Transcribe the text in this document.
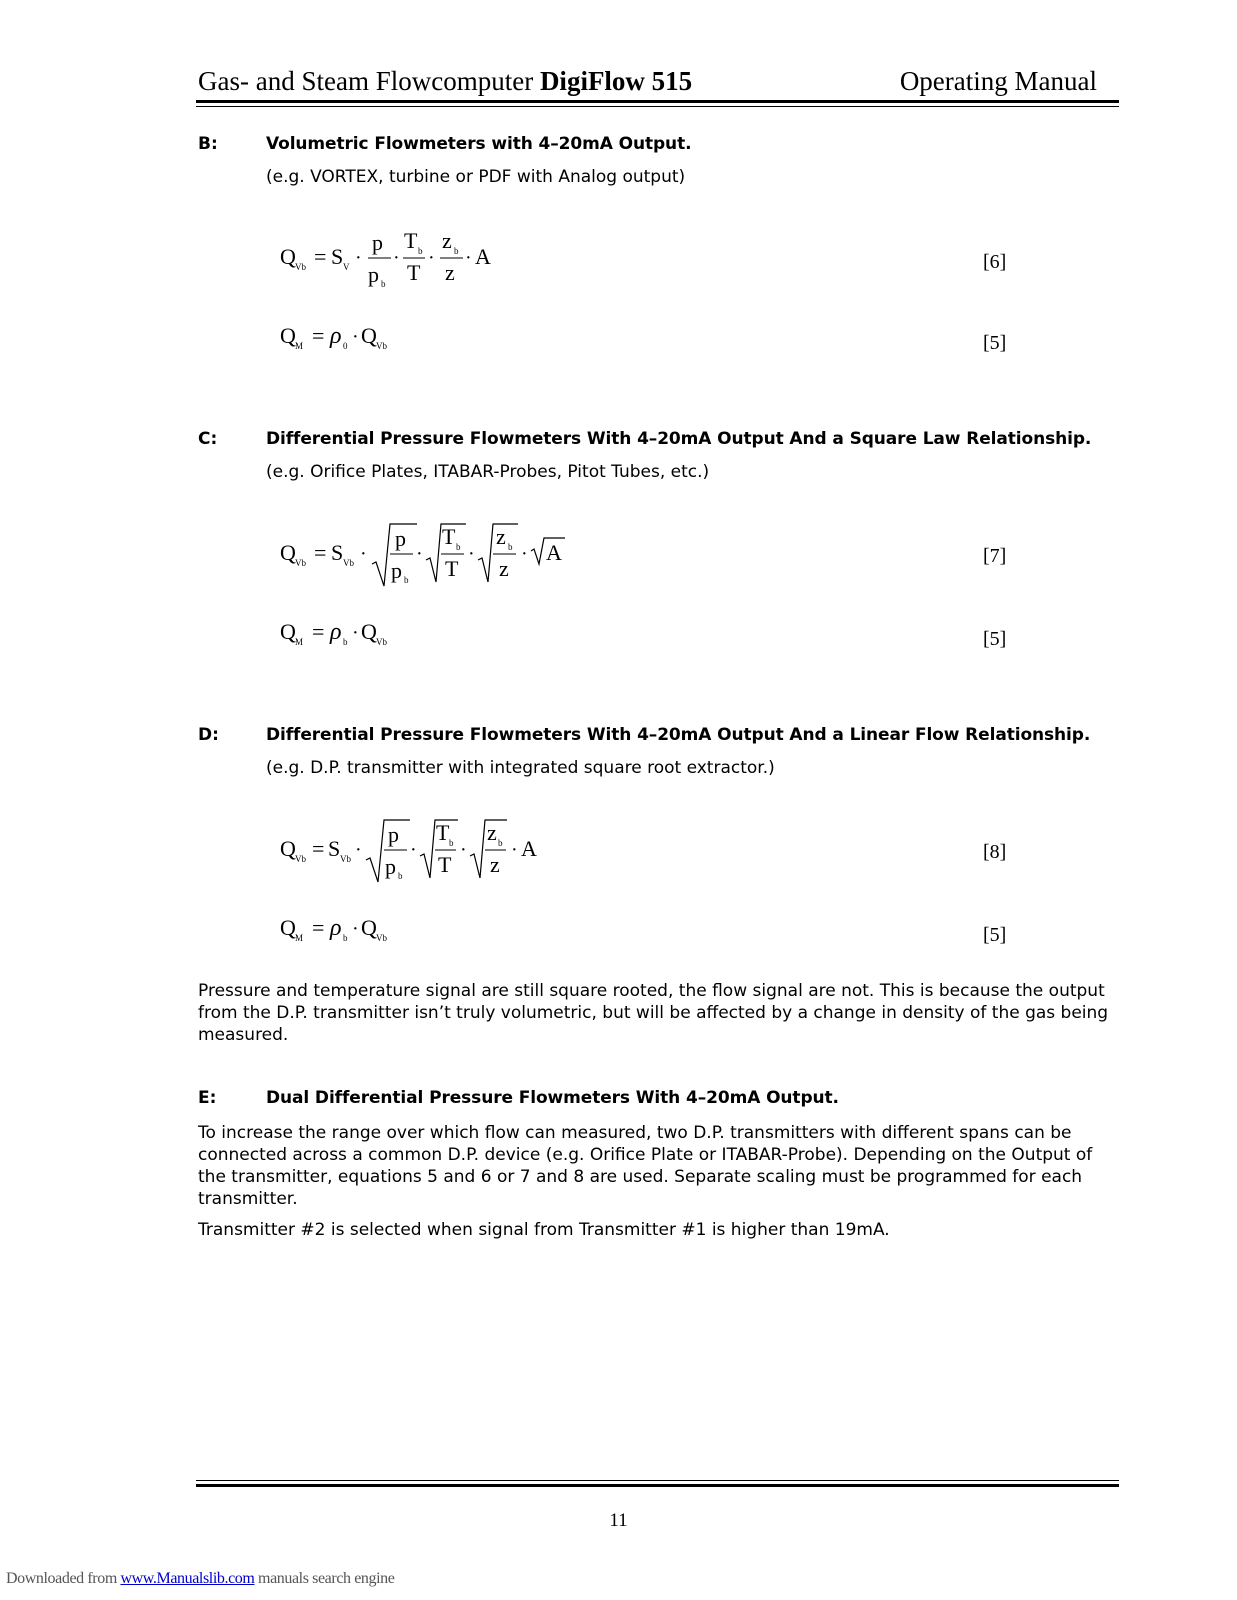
Gas- and Steam Flowcomputer DigiFlow 515	Operating Manual
B:	Volumetric Flowmeters with 4–20mA Output.
(e.g. VORTEX, turbine or PDF with Analog output)
Q Vb = S V ·
p
p b
·
T b
T
·
z b
z
· A	[6]
Q M = ρ 0 · Q Vb	[5]
C:	Differential Pressure Flowmeters With 4–20mA Output And a Square Law Relationship.
(e.g. Orifice Plates, ITABAR-Probes, Pitot Tubes, etc.)
Q Vb = S Vb ·
p
p b
·
T b
T
·
z b
z
· A	[7]
Q M = ρ b · Q Vb	[5]
D:	Differential Pressure Flowmeters With 4–20mA Output And a Linear Flow Relationship.
(e.g. D.P. transmitter with integrated square root extractor.)
Q Vb = S Vb ·
p
p b
·
T b
T
·
z b
z
· A	[8]
Q M = ρ b · Q Vb	[5]
Pressure and temperature signal are still square rooted, the flow signal are not. This is because the output from the D.P. transmitter isn’t truly volumetric, but will be affected by a change in density of the gas being measured.
E:	Dual Differential Pressure Flowmeters With 4–20mA Output.
To increase the range over which flow can measured, two D.P. transmitters with different spans can be connected across a common D.P. device (e.g. Orifice Plate or ITABAR-Probe). Depending on the Output of the transmitter, equations 5 and 6 or 7 and 8 are used. Separate scaling must be programmed for each transmitter.
Transmitter #2 is selected when signal from Transmitter #1 is higher than 19mA.
11
Downloaded from www.Manualslib.com manuals search engine
